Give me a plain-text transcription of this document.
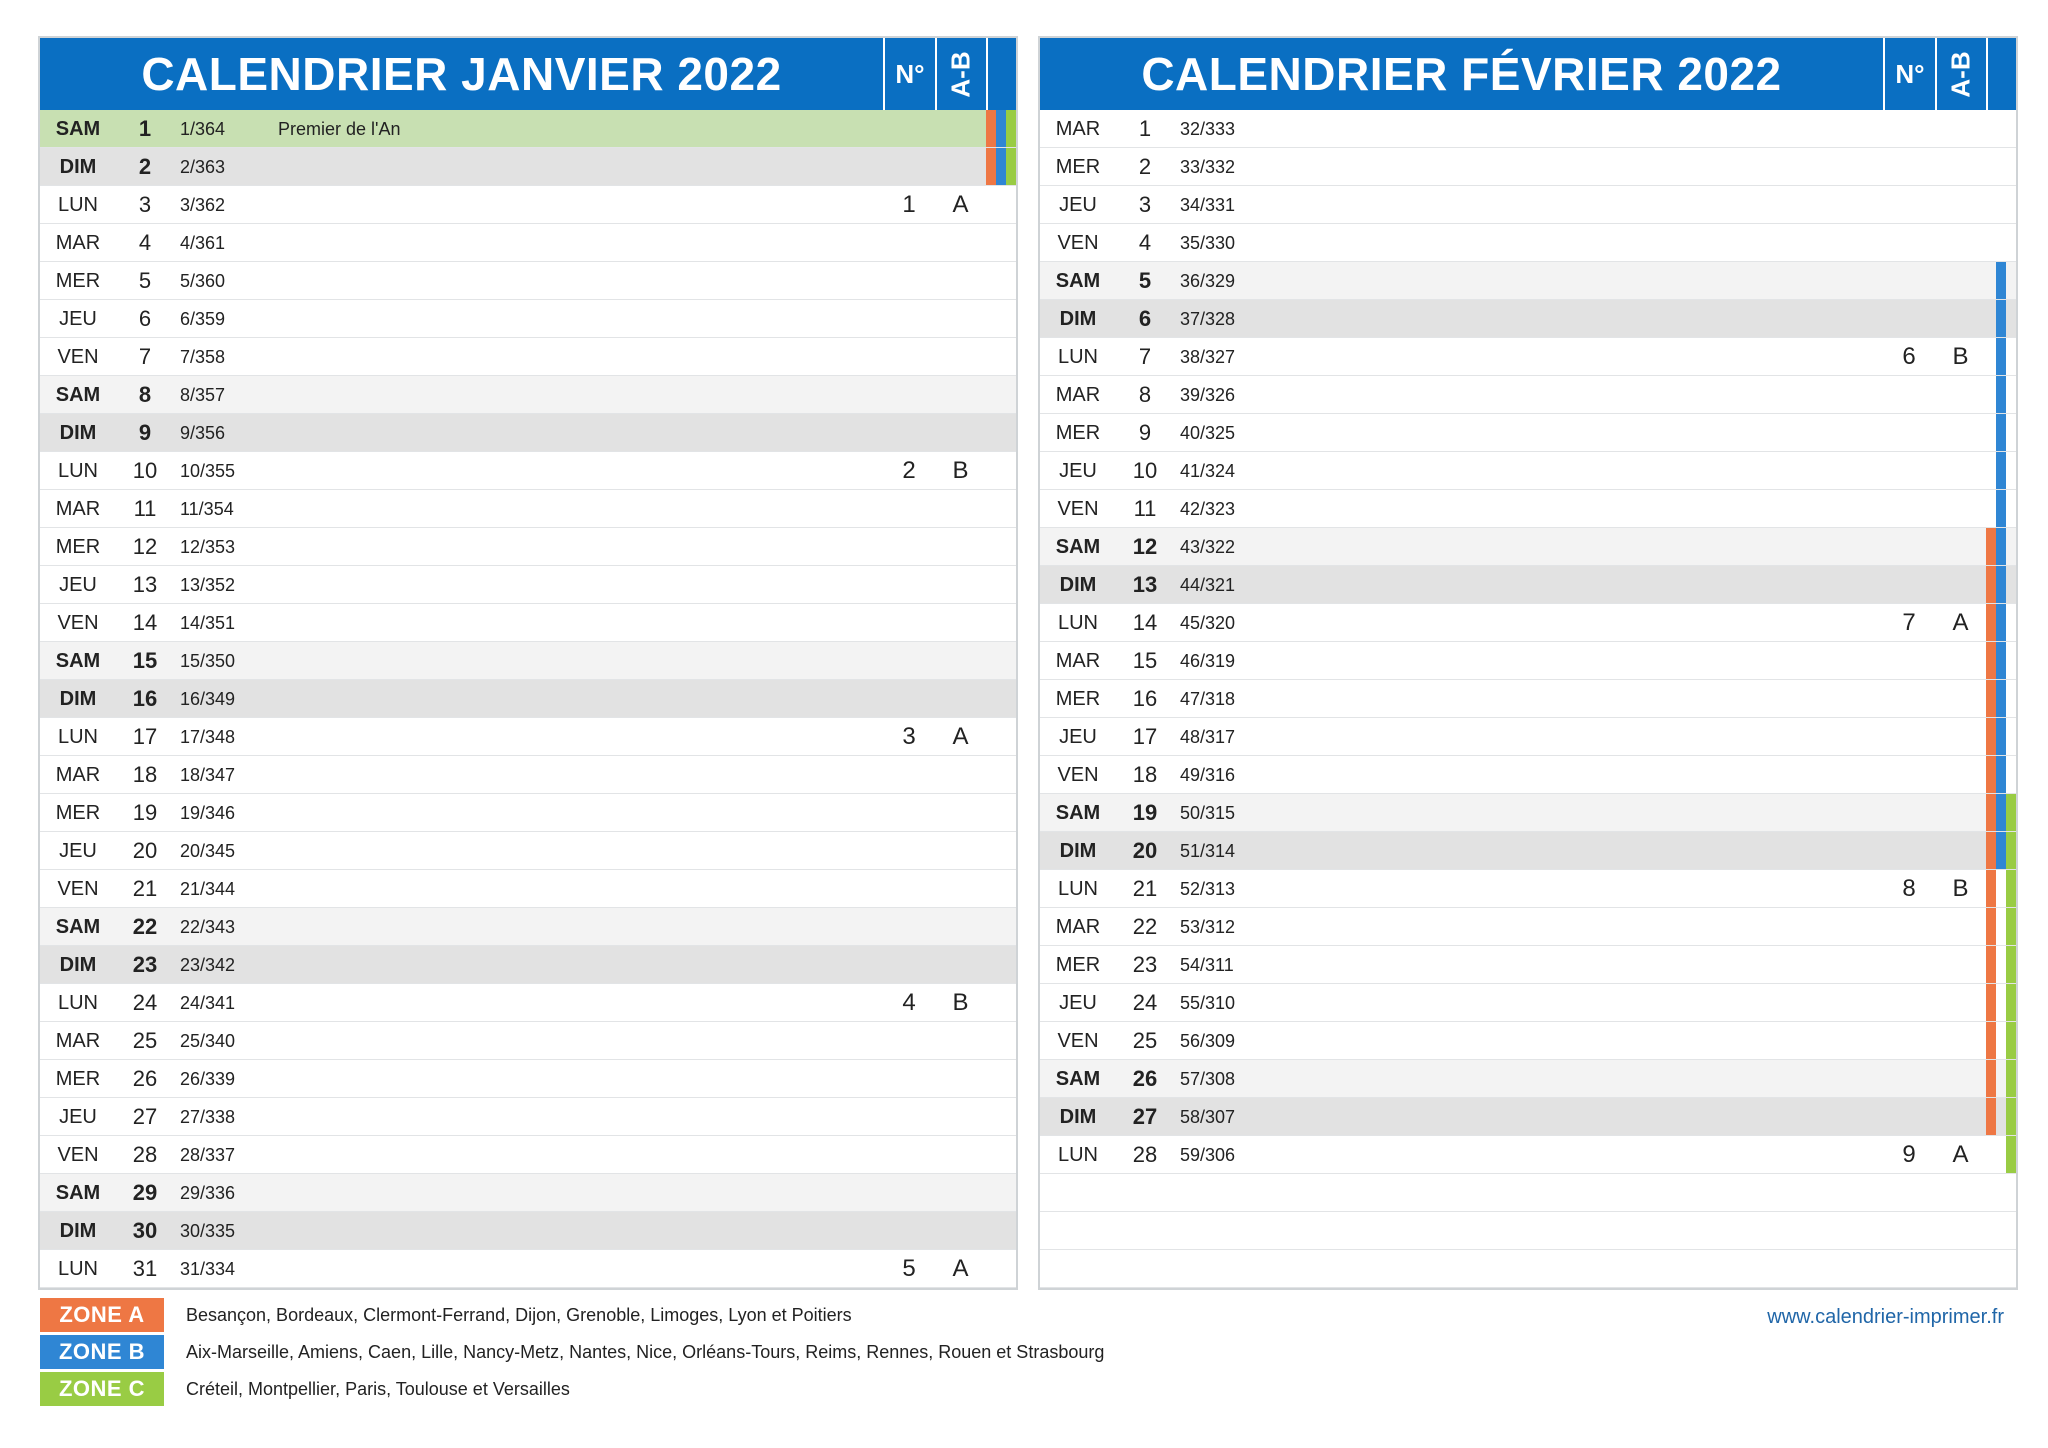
CALENDRIER JANVIER 2022	N° A-B
SAM	1	1/364	Premier de l'An
DIM	2	2/363
LUN	3	3/362	1	A
MAR	4	4/361
MER	5	5/360
JEU	6	6/359
VEN	7	7/358
SAM	8	8/357
DIM	9	9/356
LUN	10	10/355	2	B
MAR	11	11/354
MER	12	12/353
JEU	13	13/352
VEN	14	14/351
SAM	15	15/350
DIM	16	16/349
LUN	17	17/348	3	A
MAR	18	18/347
MER	19	19/346
JEU	20	20/345
VEN	21	21/344
SAM	22	22/343
DIM	23	23/342
LUN	24	24/341	4	B
MAR	25	25/340
MER	26	26/339
JEU	27	27/338
VEN	28	28/337
SAM	29	29/336
DIM	30	30/335
LUN	31	31/334	5	A
CALENDRIER FÉVRIER 2022	N° A-B
MAR	1	32/333
MER	2	33/332
JEU	3	34/331
VEN	4	35/330
SAM	5	36/329
DIM	6	37/328
LUN	7	38/327	6	B
MAR	8	39/326
MER	9	40/325
JEU	10	41/324
VEN	11	42/323
SAM	12	43/322
DIM	13	44/321
LUN	14	45/320	7	A
MAR	15	46/319
MER	16	47/318
JEU	17	48/317
VEN	18	49/316
SAM	19	50/315
DIM	20	51/314
LUN	21	52/313	8	B
MAR	22	53/312
MER	23	54/311
JEU	24	55/310
VEN	25	56/309
SAM	26	57/308
DIM	27	58/307
LUN	28	59/306	9	A
ZONE A	Besançon, Bordeaux, Clermont-Ferrand, Dijon, Grenoble, Limoges, Lyon et Poitiers
ZONE B	Aix-Marseille, Amiens, Caen, Lille, Nancy-Metz, Nantes, Nice, Orléans-Tours, Reims, Rennes, Rouen et Strasbourg
ZONE C	Créteil, Montpellier, Paris, Toulouse et Versailles
www.calendrier-imprimer.fr
